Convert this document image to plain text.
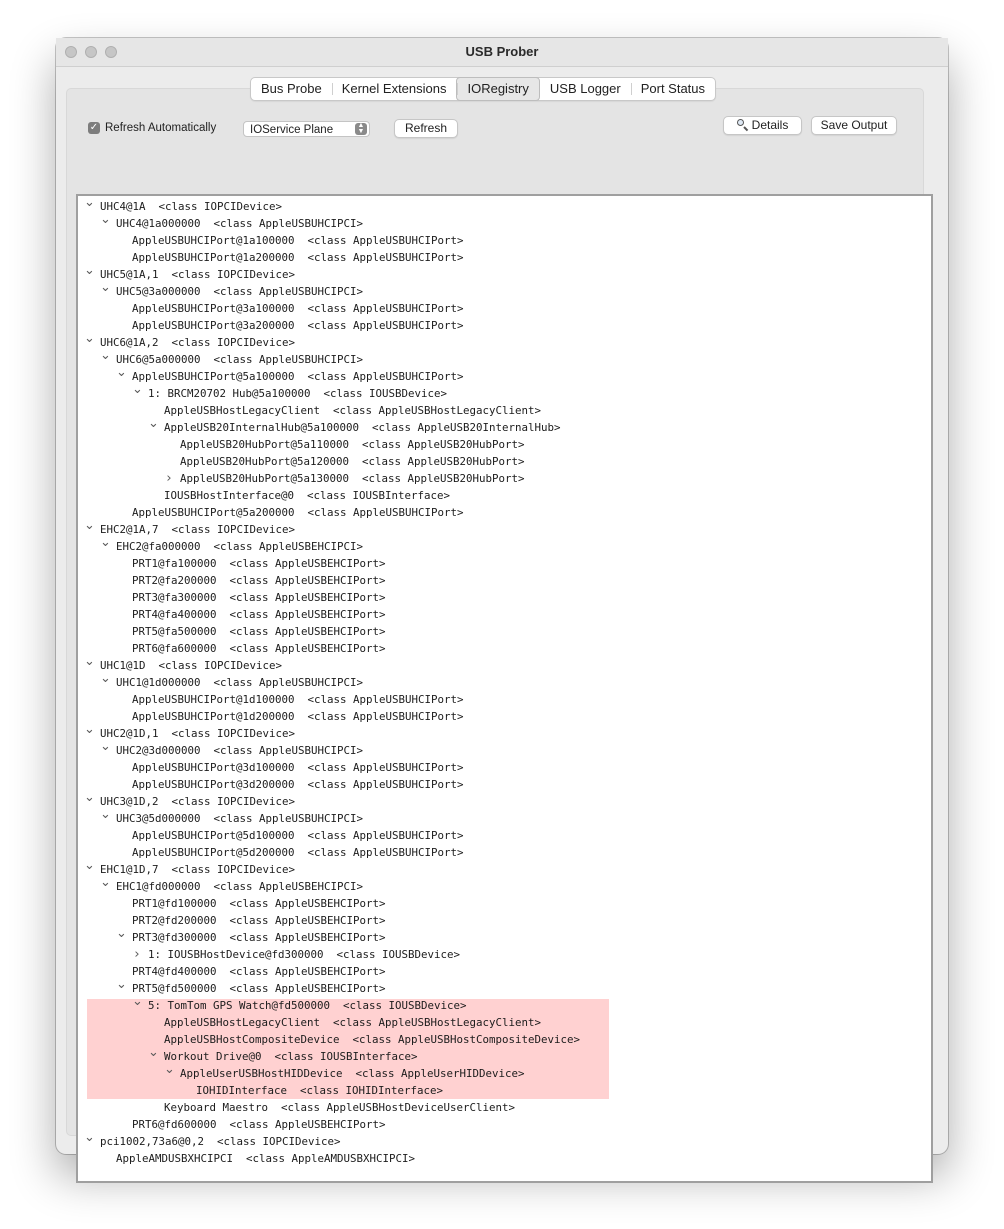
USB Prober
⌄ UHC4@1A  <class IOPCIDevice>
⌄ UHC4@1a000000  <class AppleUSBUHCIPCI>
AppleUSBUHCIPort@1a100000  <class AppleUSBUHCIPort>
AppleUSBUHCIPort@1a200000  <class AppleUSBUHCIPort>
⌄ UHC5@1A,1  <class IOPCIDevice>
⌄ UHC5@3a000000  <class AppleUSBUHCIPCI>
AppleUSBUHCIPort@3a100000  <class AppleUSBUHCIPort>
AppleUSBUHCIPort@3a200000  <class AppleUSBUHCIPort>
⌄ UHC6@1A,2  <class IOPCIDevice>
⌄ UHC6@5a000000  <class AppleUSBUHCIPCI>
⌄ AppleUSBUHCIPort@5a100000  <class AppleUSBUHCIPort>
⌄ 1: BRCM20702 Hub@5a100000  <class IOUSBDevice>
AppleUSBHostLegacyClient  <class AppleUSBHostLegacyClient>
⌄ AppleUSB20InternalHub@5a100000  <class AppleUSB20InternalHub>
AppleUSB20HubPort@5a110000  <class AppleUSB20HubPort>
AppleUSB20HubPort@5a120000  <class AppleUSB20HubPort>
› AppleUSB20HubPort@5a130000  <class AppleUSB20HubPort>
IOUSBHostInterface@0  <class IOUSBInterface>
AppleUSBUHCIPort@5a200000  <class AppleUSBUHCIPort>
⌄ EHC2@1A,7  <class IOPCIDevice>
⌄ EHC2@fa000000  <class AppleUSBEHCIPCI>
PRT1@fa100000  <class AppleUSBEHCIPort>
PRT2@fa200000  <class AppleUSBEHCIPort>
PRT3@fa300000  <class AppleUSBEHCIPort>
PRT4@fa400000  <class AppleUSBEHCIPort>
PRT5@fa500000  <class AppleUSBEHCIPort>
PRT6@fa600000  <class AppleUSBEHCIPort>
⌄ UHC1@1D  <class IOPCIDevice>
⌄ UHC1@1d000000  <class AppleUSBUHCIPCI>
AppleUSBUHCIPort@1d100000  <class AppleUSBUHCIPort>
AppleUSBUHCIPort@1d200000  <class AppleUSBUHCIPort>
⌄ UHC2@1D,1  <class IOPCIDevice>
⌄ UHC2@3d000000  <class AppleUSBUHCIPCI>
AppleUSBUHCIPort@3d100000  <class AppleUSBUHCIPort>
AppleUSBUHCIPort@3d200000  <class AppleUSBUHCIPort>
⌄ UHC3@1D,2  <class IOPCIDevice>
⌄ UHC3@5d000000  <class AppleUSBUHCIPCI>
AppleUSBUHCIPort@5d100000  <class AppleUSBUHCIPort>
AppleUSBUHCIPort@5d200000  <class AppleUSBUHCIPort>
⌄ EHC1@1D,7  <class IOPCIDevice>
⌄ EHC1@fd000000  <class AppleUSBEHCIPCI>
PRT1@fd100000  <class AppleUSBEHCIPort>
PRT2@fd200000  <class AppleUSBEHCIPort>
⌄ PRT3@fd300000  <class AppleUSBEHCIPort>
› 1: IOUSBHostDevice@fd300000  <class IOUSBDevice>
PRT4@fd400000  <class AppleUSBEHCIPort>
⌄ PRT5@fd500000  <class AppleUSBEHCIPort>
⌄ 5: TomTom GPS Watch@fd500000  <class IOUSBDevice>
AppleUSBHostLegacyClient  <class AppleUSBHostLegacyClient>
AppleUSBHostCompositeDevice  <class AppleUSBHostCompositeDevice>
⌄ Workout Drive@0  <class IOUSBInterface>
⌄ AppleUserUSBHostHIDDevice  <class AppleUserHIDDevice>
IOHIDInterface  <class IOHIDInterface>
Keyboard Maestro  <class AppleUSBHostDeviceUserClient>
PRT6@fd600000  <class AppleUSBEHCIPort>
⌄ pci1002,73a6@0,2  <class IOPCIDevice>
AppleAMDUSBXHCIPCI  <class AppleAMDUSBXHCIPCI>
Bus Probe	Kernel Extensions	IORegistry	USB Logger	Port Status
✓ Refresh Automatically	IOService Plane	▲
▼	Refresh	Details	Save Output
